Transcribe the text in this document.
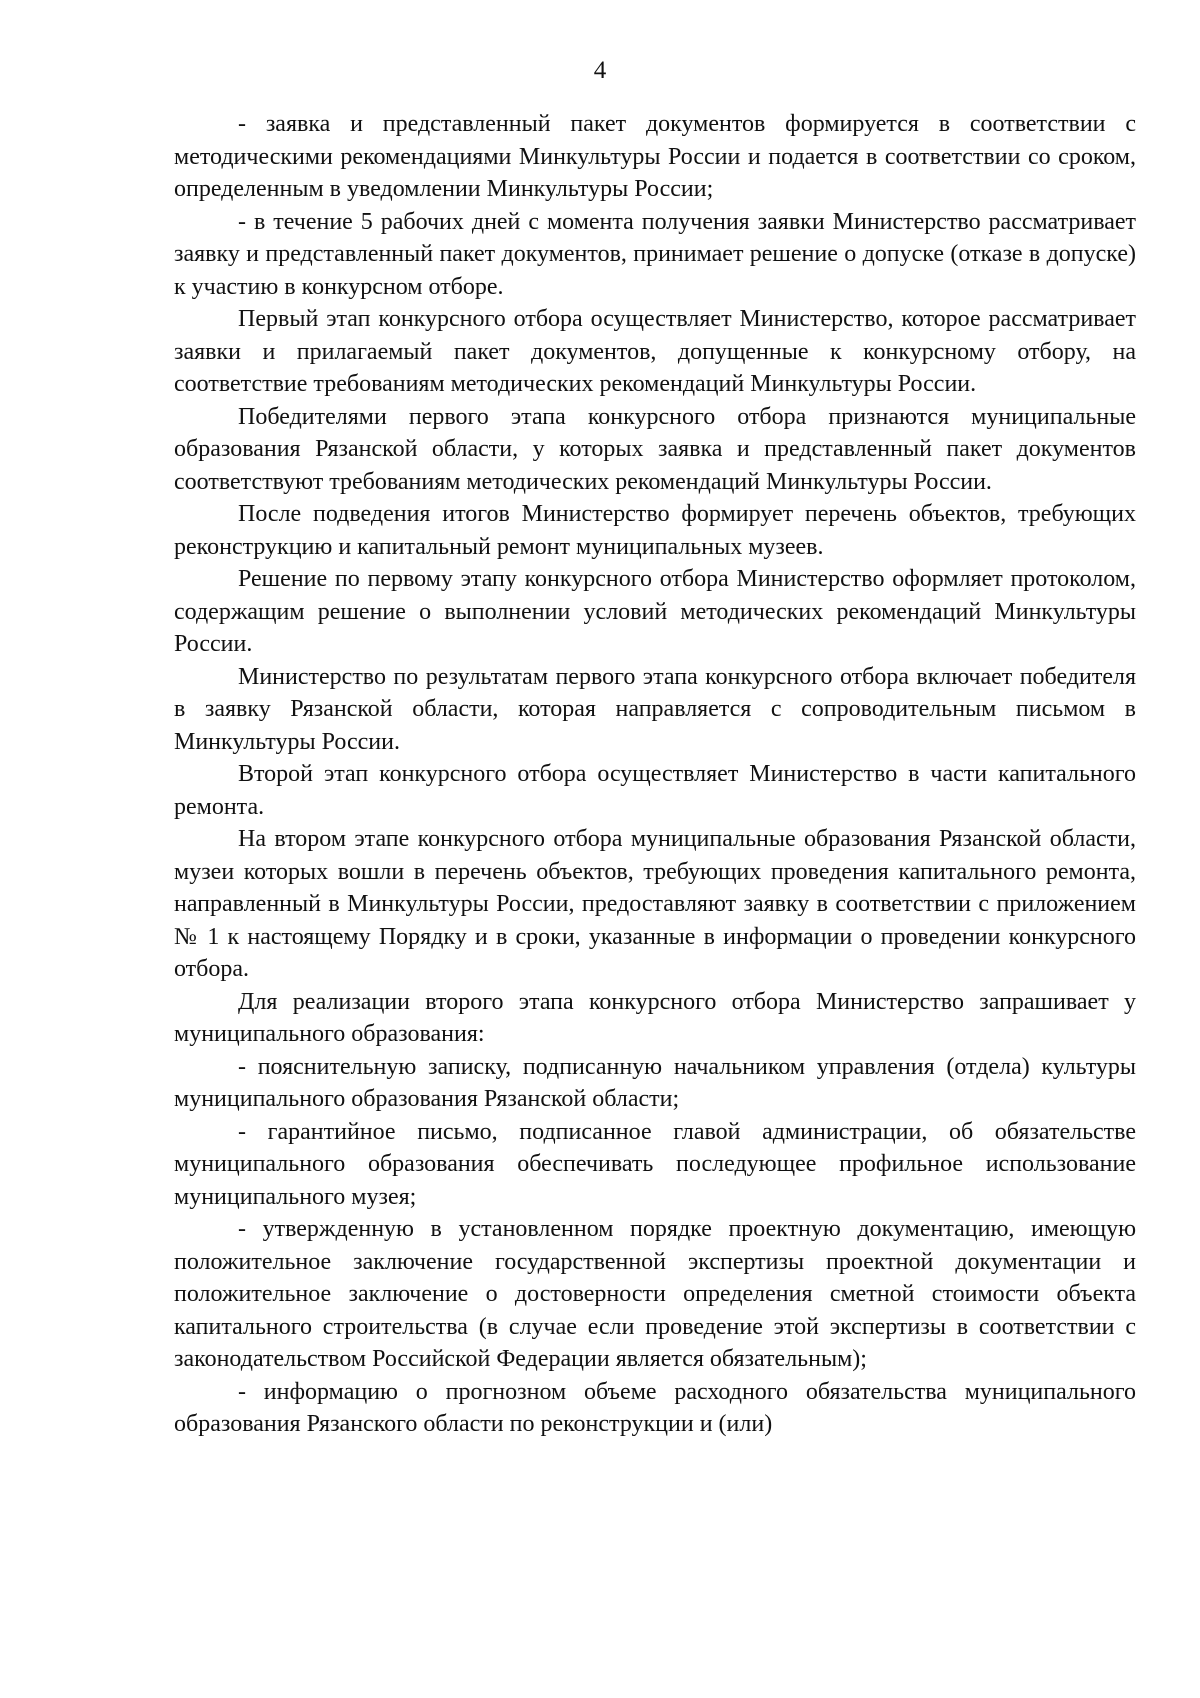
4

- заявка и представленный пакет документов формируется в соответствии с методическими рекомендациями Минкультуры России и подается в соответствии со сроком, определенным в уведомлении Минкультуры России;

- в течение 5 рабочих дней с момента получения заявки Министерство рассматривает заявку и представленный пакет документов, принимает решение о допуске (отказе в допуске) к участию в конкурсном отборе.

Первый этап конкурсного отбора осуществляет Министерство, которое рассматривает заявки и прилагаемый пакет документов, допущенные к конкурсному отбору, на соответствие требованиям методических рекомендаций Минкультуры России.

Победителями первого этапа конкурсного отбора признаются муниципальные образования Рязанской области, у которых заявка и представленный пакет документов соответствуют требованиям методических рекомендаций Минкультуры России.

После подведения итогов Министерство формирует перечень объектов, требующих реконструкцию и капитальный ремонт муниципальных музеев.

Решение по первому этапу конкурсного отбора Министерство оформляет протоколом, содержащим решение о выполнении условий методических рекомендаций Минкультуры России.

Министерство по результатам первого этапа конкурсного отбора включает победителя в заявку Рязанской области, которая направляется с сопроводительным письмом в Минкультуры России.

Второй этап конкурсного отбора осуществляет Министерство в части капитального ремонта.

На втором этапе конкурсного отбора муниципальные образования Рязанской области, музеи которых вошли в перечень объектов, требующих проведения капитального ремонта, направленный в Минкультуры России, предоставляют заявку в соответствии с приложением № 1 к настоящему Порядку и в сроки, указанные в информации о проведении конкурсного отбора.

Для реализации второго этапа конкурсного отбора Министерство запрашивает у муниципального образования:

- пояснительную записку, подписанную начальником управления (отдела) культуры муниципального образования Рязанской области;

- гарантийное письмо, подписанное главой администрации, об обязательстве муниципального образования обеспечивать последующее профильное использование муниципального музея;

- утвержденную в установленном порядке проектную документацию, имеющую положительное заключение государственной экспертизы проектной документации и положительное заключение о достоверности определения сметной стоимости объекта капитального строительства (в случае если проведение этой экспертизы в соответствии с законодательством Российской Федерации является обязательным);

- информацию о прогнозном объеме расходного обязательства муниципального образования Рязанского области по реконструкции и (или)
